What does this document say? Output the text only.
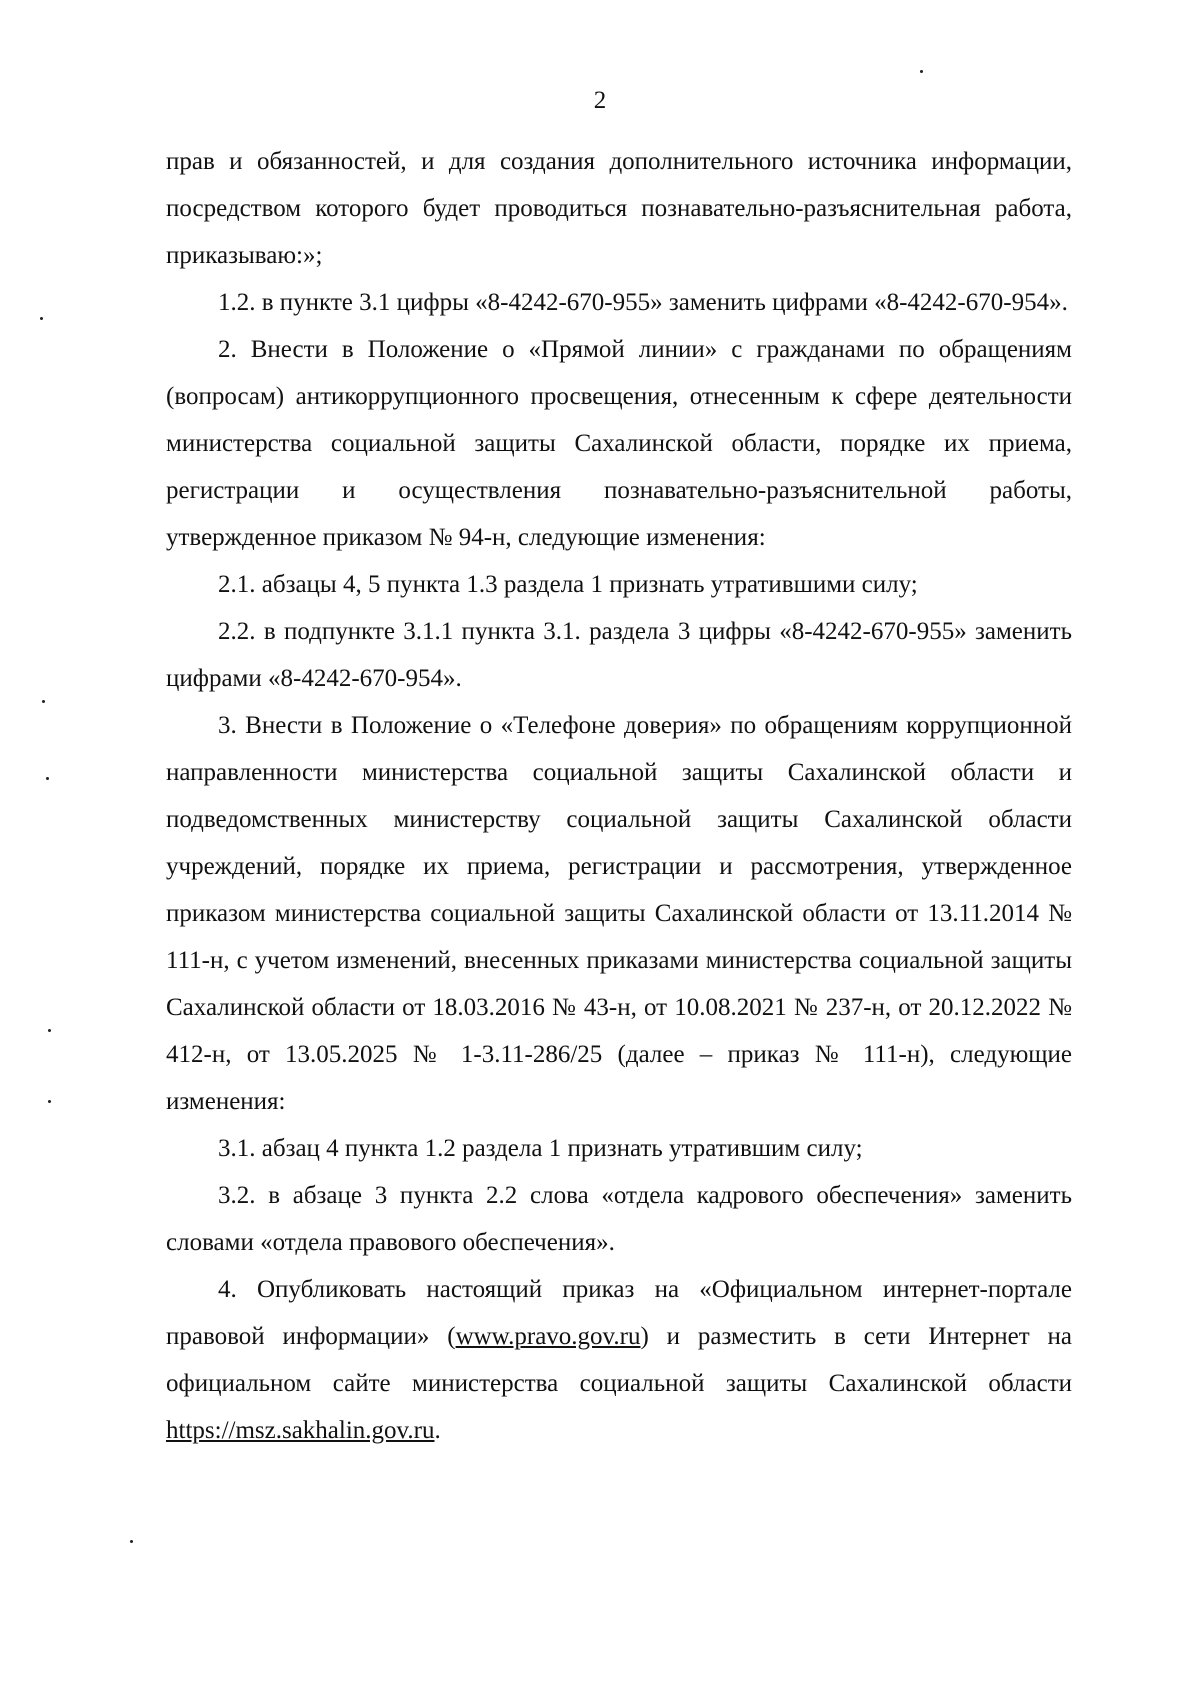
2

прав и обязанностей, и для создания дополнительного источника информации, посредством которого будет проводиться познавательно-разъяснительная работа, приказываю:»;

1.2. в пункте 3.1 цифры «8-4242-670-955» заменить цифрами «8-4242-670-954».

2. Внести в Положение о «Прямой линии» с гражданами по обращениям (вопросам) антикоррупционного просвещения, отнесенным к сфере деятельности министерства социальной защиты Сахалинской области, порядке их приема, регистрации и осуществления познавательно-разъяснительной работы, утвержденное приказом № 94-н, следующие изменения:

2.1. абзацы 4, 5 пункта 1.3 раздела 1 признать утратившими силу;

2.2. в подпункте 3.1.1 пункта 3.1. раздела 3 цифры «8-4242-670-955» заменить цифрами «8-4242-670-954».

3. Внести в Положение о «Телефоне доверия» по обращениям коррупционной направленности министерства социальной защиты Сахалинской области и подведомственных министерству социальной защиты Сахалинской области учреждений, порядке их приема, регистрации и рассмотрения, утвержденное приказом министерства социальной защиты Сахалинской области от 13.11.2014 № 111-н, с учетом изменений, внесенных приказами министерства социальной защиты Сахалинской области от 18.03.2016 № 43-н, от 10.08.2021 № 237-н, от 20.12.2022 № 412-н, от 13.05.2025 № 1-3.11-286/25 (далее – приказ № 111-н), следующие изменения:

3.1. абзац 4 пункта 1.2 раздела 1 признать утратившим силу;

3.2. в абзаце 3 пункта 2.2 слова «отдела кадрового обеспечения» заменить словами «отдела правового обеспечения».

4. Опубликовать настоящий приказ на «Официальном интернет-портале правовой информации» (www.pravo.gov.ru) и разместить в сети Интернет на официальном сайте министерства социальной защиты Сахалинской области https://msz.sakhalin.gov.ru.
